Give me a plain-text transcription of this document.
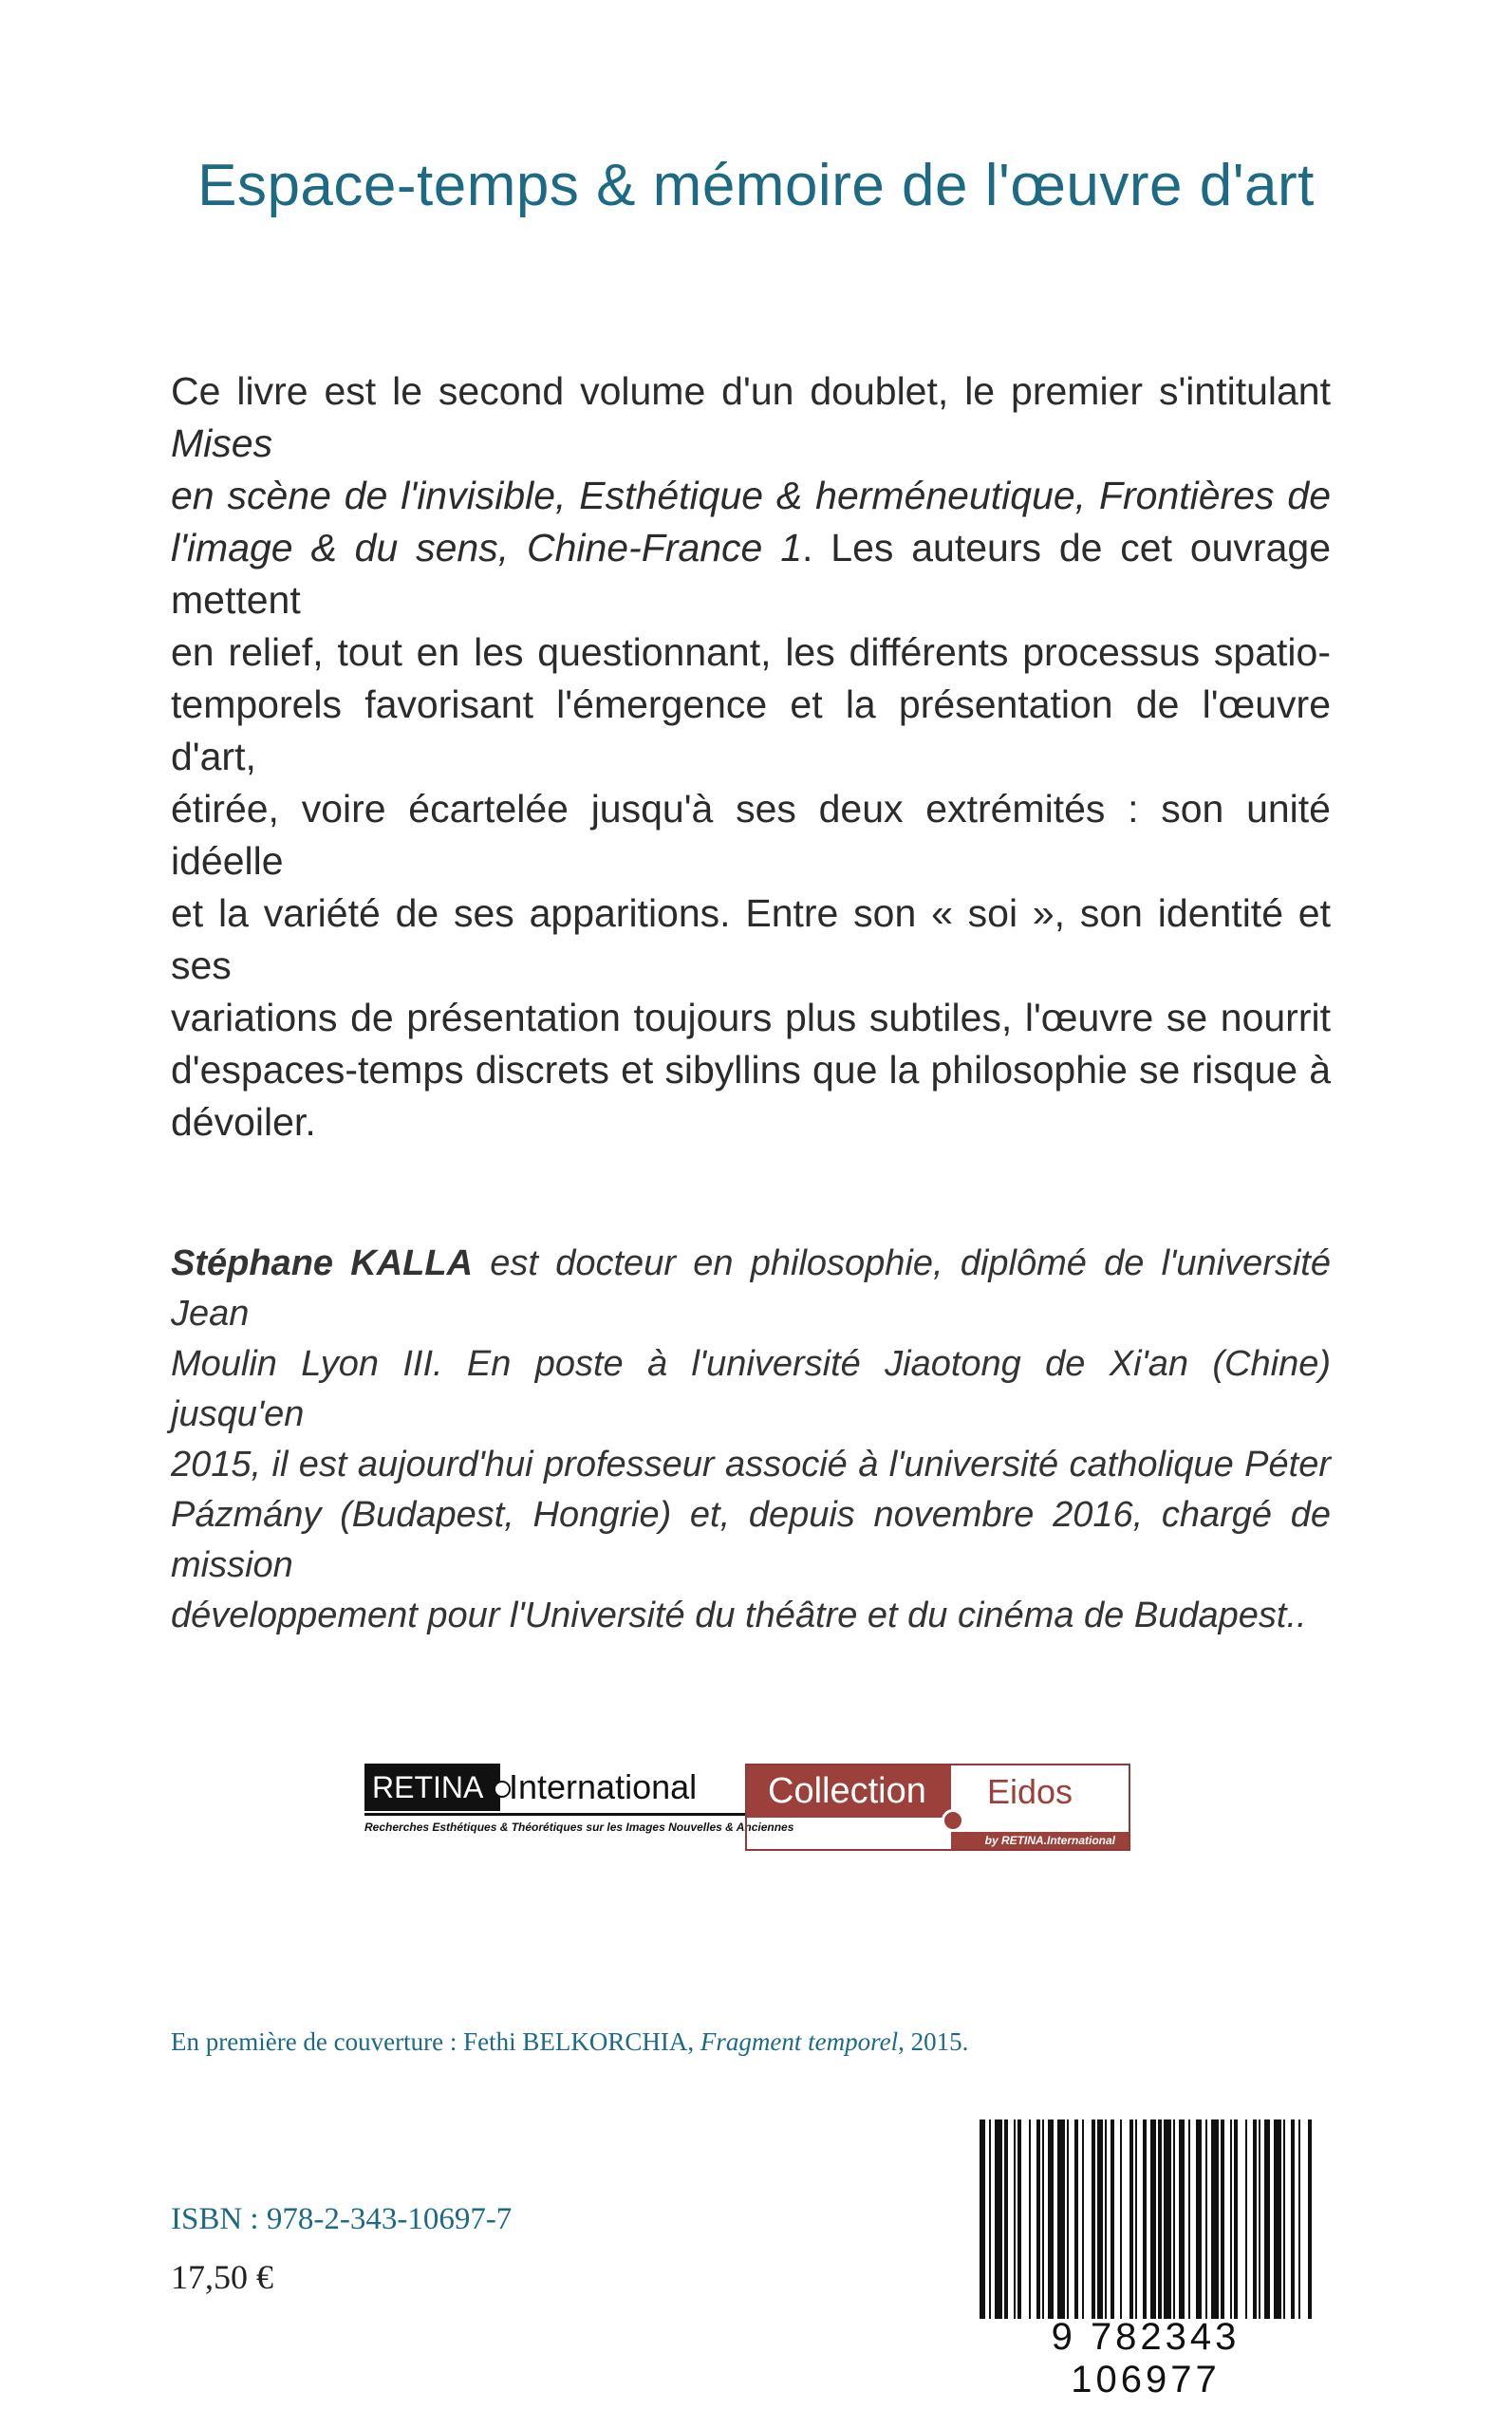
Espace-temps & mémoire de l'œuvre d'art
Ce livre est le second volume d'un doublet, le premier s'intitulant Mises
en scène de l'invisible, Esthétique & herméneutique, Frontières de
l'image & du sens, Chine-France 1. Les auteurs de cet ouvrage mettent
en relief, tout en les questionnant, les différents processus spatio-
temporels favorisant l'émergence et la présentation de l'œuvre d'art,
étirée, voire écartelée jusqu'à ses deux extrémités : son unité idéelle
et la variété de ses apparitions. Entre son « soi », son identité et ses
variations de présentation toujours plus subtiles, l'œuvre se nourrit
d'espaces-temps discrets et sibyllins que la philosophie se risque à
dévoiler.
Stéphane KALLA est docteur en philosophie, diplômé de l'université Jean
Moulin Lyon III. En poste à l'université Jiaotong de Xi'an (Chine) jusqu'en
2015, il est aujourd'hui professeur associé à l'université catholique Péter
Pázmány (Budapest, Hongrie) et, depuis novembre 2016, chargé de mission
développement pour l'Université du théâtre et du cinéma de Budapest..
RETINA International
Recherches Esthétiques & Théorétiques sur les Images Nouvelles & Anciennes
Collection	Eidos
by RETINA.International
En première de couverture : Fethi BELKORCHIA, Fragment temporel, 2015.
ISBN : 978-2-343-10697-7
17,50 €
9 782343 106977
